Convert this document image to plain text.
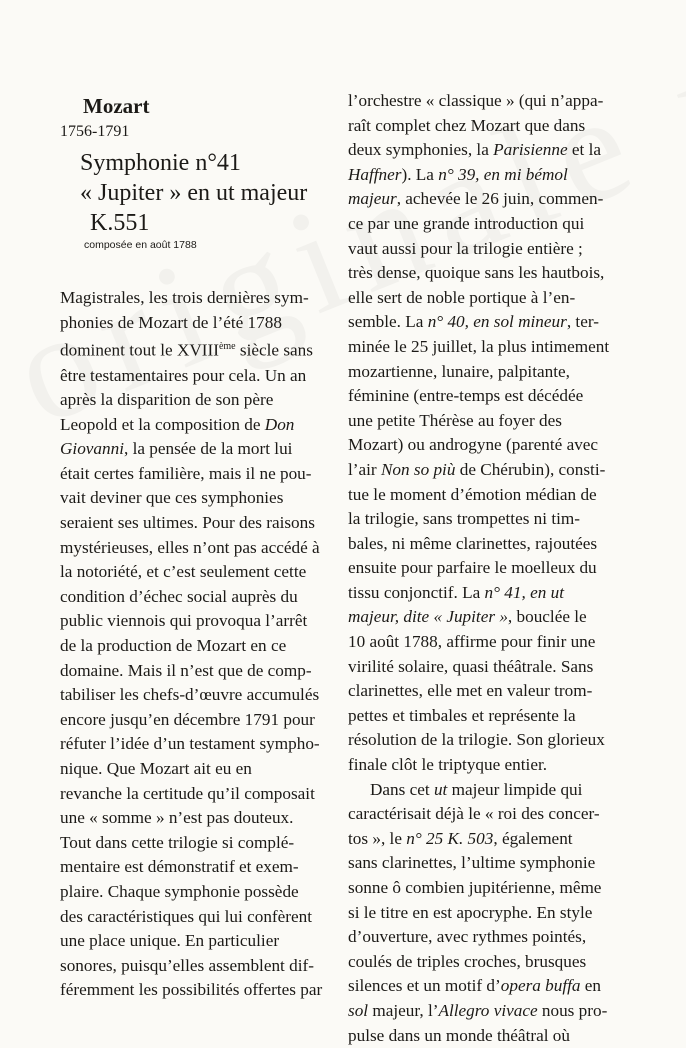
Mozart
1756-1791
Symphonie n°41
« Jupiter » en ut majeur
K.551
composée en août 1788
Magistrales, les trois dernières sym-
phonies de Mozart de l’été 1788
dominent tout le XVIIIème siècle sans
être testamentaires pour cela. Un an
après la disparition de son père
Leopold et la composition de Don
Giovanni, la pensée de la mort lui
était certes familière, mais il ne pou-
vait deviner que ces symphonies
seraient ses ultimes. Pour des raisons
mystérieuses, elles n’ont pas accédé à
la notoriété, et c’est seulement cette
condition d’échec social auprès du
public viennois qui provoqua l’arrêt
de la production de Mozart en ce
domaine. Mais il n’est que de comp-
tabiliser les chefs-d’œuvre accumulés
encore jusqu’en décembre 1791 pour
réfuter l’idée d’un testament sympho-
nique. Que Mozart ait eu en
revanche la certitude qu’il composait
une « somme » n’est pas douteux.
Tout dans cette trilogie si complé-
mentaire est démonstratif et exem-
plaire. Chaque symphonie possède
des caractéristiques qui lui confèrent
une place unique. En particulier
sonores, puisqu’elles assemblent dif-
féremment les possibilités offertes par
l’orchestre « classique » (qui n’appa-
raît complet chez Mozart que dans
deux symphonies, la Parisienne et la
Haffner). La n° 39, en mi bémol
majeur, achevée le 26 juin, commen-
ce par une grande introduction qui
vaut aussi pour la trilogie entière ;
très dense, quoique sans les hautbois,
elle sert de noble portique à l’en-
semble. La n° 40, en sol mineur, ter-
minée le 25 juillet, la plus intimement
mozartienne, lunaire, palpitante,
féminine (entre-temps est décédée
une petite Thérèse au foyer des
Mozart) ou androgyne (parenté avec
l’air Non so più de Chérubin), consti-
tue le moment d’émotion médian de
la trilogie, sans trompettes ni tim-
bales, ni même clarinettes, rajoutées
ensuite pour parfaire le moelleux du
tissu conjonctif. La n° 41, en ut
majeur, dite « Jupiter », bouclée le
10 août 1788, affirme pour finir une
virilité solaire, quasi théâtrale. Sans
clarinettes, elle met en valeur trom-
pettes et timbales et représente la
résolution de la trilogie. Son glorieux
finale clôt le triptyque entier.
Dans cet ut majeur limpide qui
caractérisait déjà le « roi des concer-
tos », le n° 25 K. 503, également
sans clarinettes, l’ultime symphonie
sonne ô combien jupitérienne, même
si le titre en est apocryphe. En style
d’ouverture, avec rythmes pointés,
coulés de triples croches, brusques
silences et un motif d’opera buffa en
sol majeur, l’Allegro vivace nous pro-
pulse dans un monde théâtral où
